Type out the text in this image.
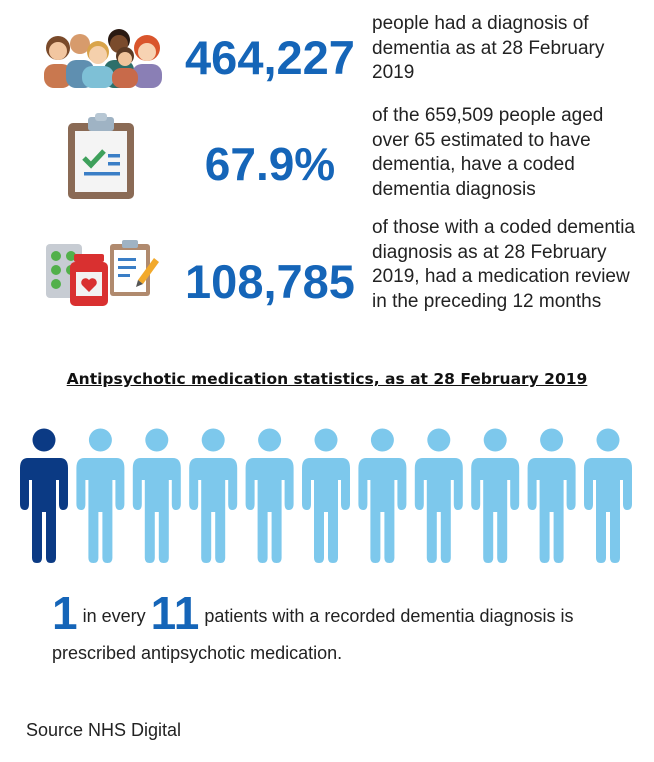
464,227
people had a diagnosis of dementia as at 28 February 2019
67.9%
of the 659,509 people aged over 65 estimated to have dementia, have a coded dementia diagnosis
108,785
of those with a coded dementia diagnosis as at 28 February 2019, had a medication review in the preceding 12 months
Antipsychotic medication statistics, as at 28 February 2019
1 in every 11 patients with a recorded dementia diagnosis is
prescribed antipsychotic medication.
Source NHS Digital
